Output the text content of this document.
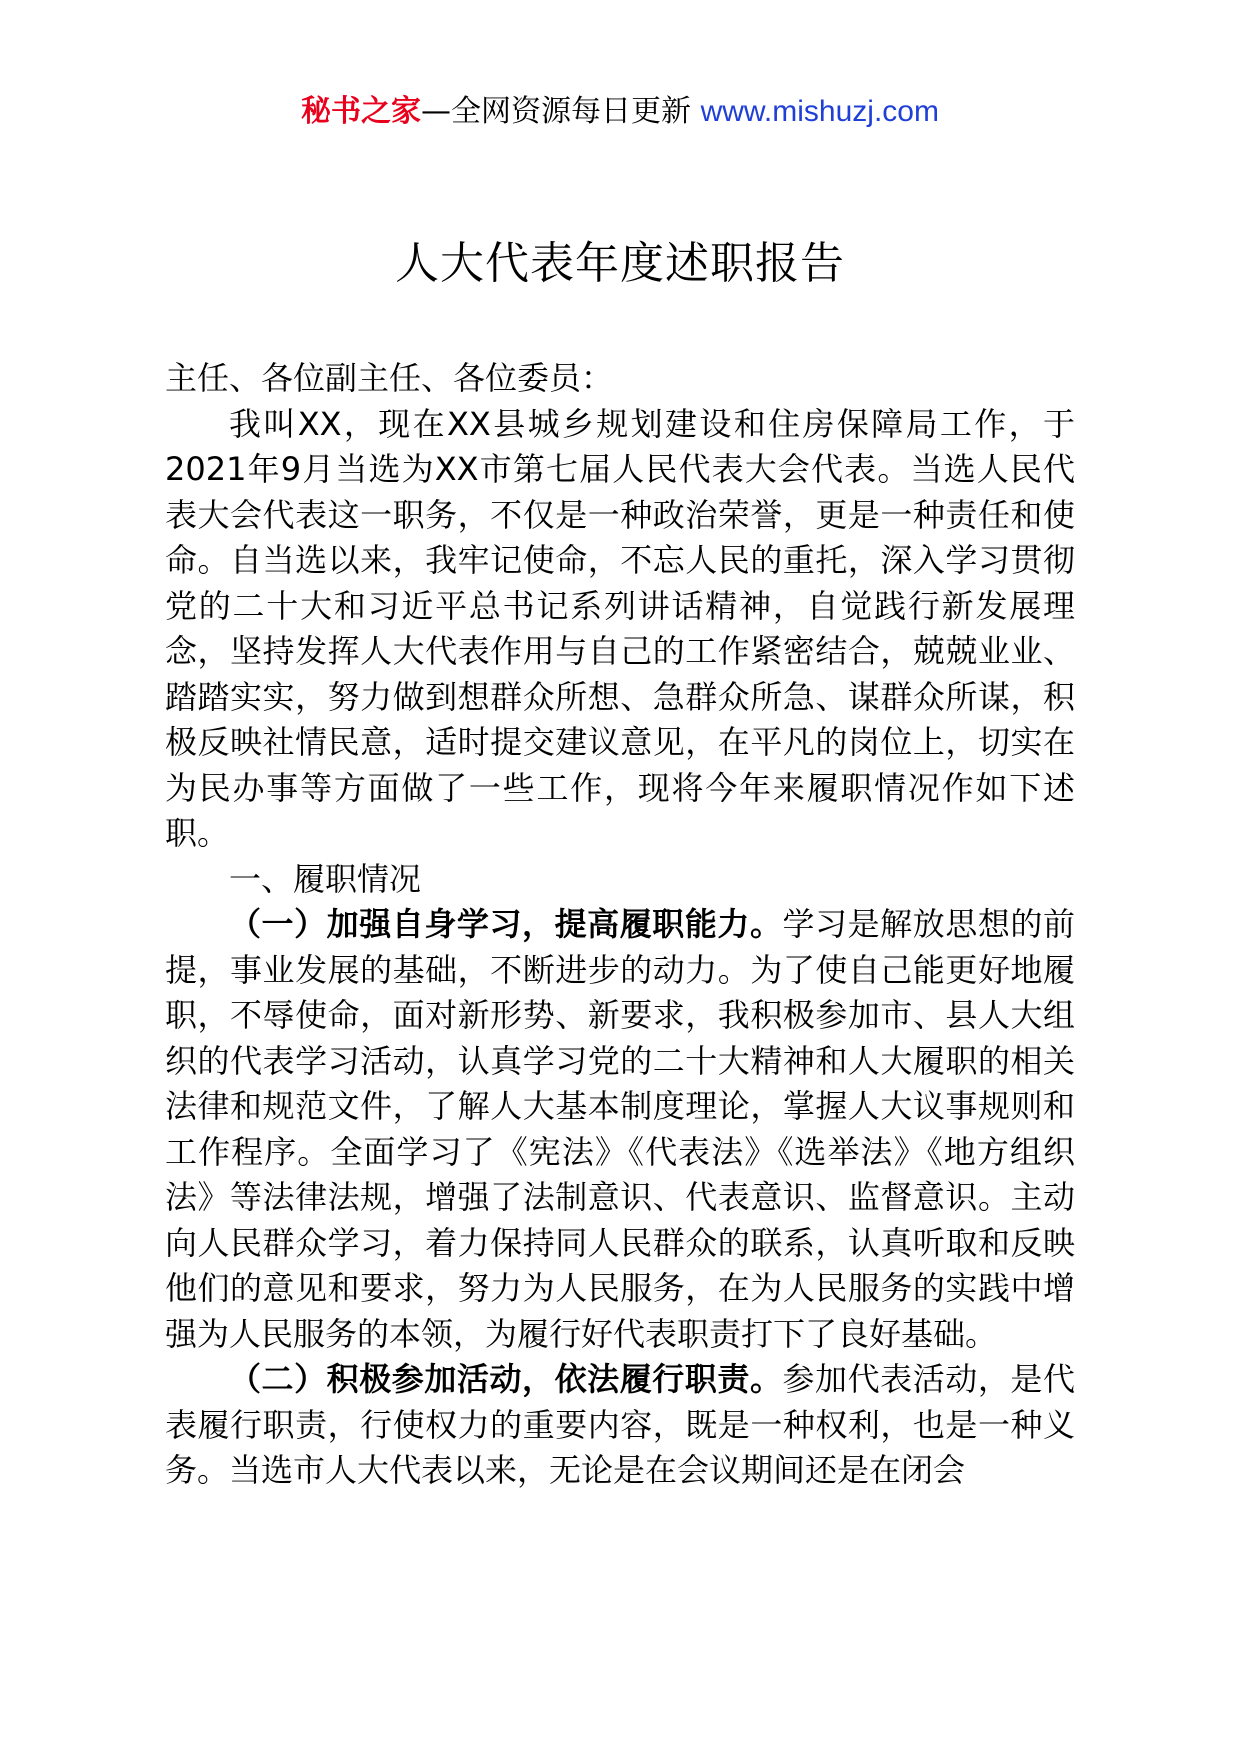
秘书之家—全网资源每日更新 www.mishuzj.com
人大代表年度述职报告

主任、各位副主任、各位委员：

我叫XX，现在XX县城乡规划建设和住房保障局工作，于2021年9月当选为XX市第七届人民代表大会代表。当选人民代表大会代表这一职务，不仅是一种政治荣誉，更是一种责任和使命。自当选以来，我牢记使命，不忘人民的重托，深入学习贯彻党的二十大和习近平总书记系列讲话精神，自觉践行新发展理念，坚持发挥人大代表作用与自己的工作紧密结合，兢兢业业、踏踏实实，努力做到想群众所想、急群众所急、谋群众所谋，积极反映社情民意，适时提交建议意见，在平凡的岗位上，切实在为民办事等方面做了一些工作，现将今年来履职情况作如下述职。

一、履职情况

（一）加强自身学习，提高履职能力。学习是解放思想的前提，事业发展的基础，不断进步的动力。为了使自己能更好地履职，不辱使命，面对新形势、新要求，我积极参加市、县人大组织的代表学习活动，认真学习党的二十大精神和人大履职的相关法律和规范文件，了解人大基本制度理论，掌握人大议事规则和工作程序。全面学习了《宪法》《代表法》《选举法》《地方组织法》等法律法规，增强了法制意识、代表意识、监督意识。主动向人民群众学习，着力保持同人民群众的联系，认真听取和反映他们的意见和要求，努力为人民服务，在为人民服务的实践中增强为人民服务的本领，为履行好代表职责打下了良好基础。

（二）积极参加活动，依法履行职责。参加代表活动，是代表履行职责，行使权力的重要内容，既是一种权利，也是一种义务。当选市人大代表以来，无论是在会议期间还是在闭会
